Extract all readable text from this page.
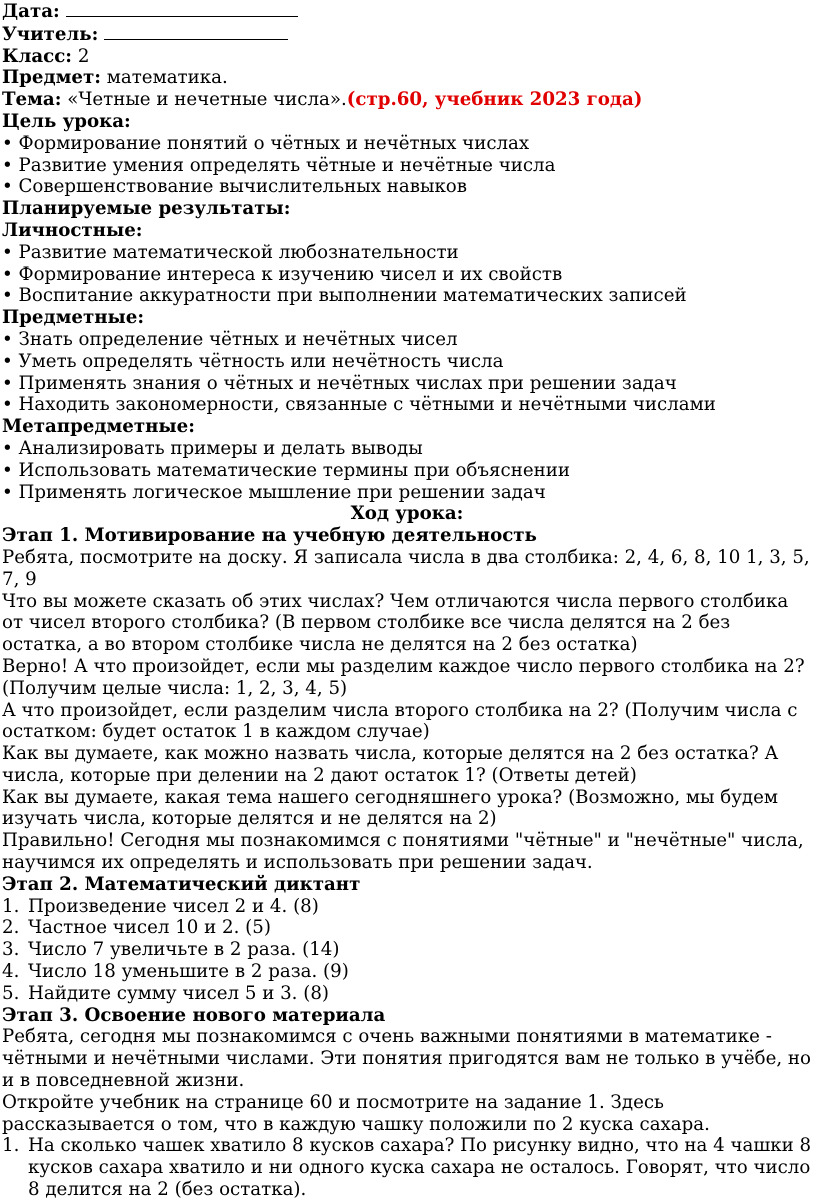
Дата:

Учитель:

Класс: 2

Предмет: математика.

Тема: «Четные и нечетные числа».(стр.60, учебник 2023 года)

Цель урока:

• Формирование понятий о чётных и нечётных числах
• Развитие умения определять чётные и нечётные числа
• Совершенствование вычислительных навыков

Планируемые результаты:

Личностные:

• Развитие математической любознательности
• Формирование интереса к изучению чисел и их свойств
• Воспитание аккуратности при выполнении математических записей

Предметные:

• Знать определение чётных и нечётных чисел
• Уметь определять чётность или нечётность числа
• Применять знания о чётных и нечётных числах при решении задач
• Находить закономерности, связанные с чётными и нечётными числами

Метапредметные:

• Анализировать примеры и делать выводы
• Использовать математические термины при объяснении
• Применять логическое мышление при решении задач

Ход урока:

Этап 1. Мотивирование на учебную деятельность

Ребята, посмотрите на доску. Я записала числа в два столбика: 2, 4, 6, 8, 10 1, 3, 5, 7, 9

Что вы можете сказать об этих числах? Чем отличаются числа первого столбика от чисел второго столбика? (В первом столбике все числа делятся на 2 без остатка, а во втором столбике числа не делятся на 2 без остатка)

Верно! А что произойдет, если мы разделим каждое число первого столбика на 2? (Получим целые числа: 1, 2, 3, 4, 5)

А что произойдет, если разделим числа второго столбика на 2? (Получим числа с остатком: будет остаток 1 в каждом случае)

Как вы думаете, как можно назвать числа, которые делятся на 2 без остатка? А числа, которые при делении на 2 дают остаток 1? (Ответы детей)

Как вы думаете, какая тема нашего сегодняшнего урока? (Возможно, мы будем изучать числа, которые делятся и не делятся на 2)

Правильно! Сегодня мы познакомимся с понятиями "чётные" и "нечётные" числа, научимся их определять и использовать при решении задач.

Этап 2. Математический диктант

1. Произведение чисел 2 и 4. (8)
2. Частное чисел 10 и 2. (5)
3. Число 7 увеличьте в 2 раза. (14)
4. Число 18 уменьшите в 2 раза. (9)
5. Найдите сумму чисел 5 и 3. (8)

Этап 3. Освоение нового материала

Ребята, сегодня мы познакомимся с очень важными понятиями в математике - чётными и нечётными числами. Эти понятия пригодятся вам не только в учёбе, но и в повседневной жизни.

Откройте учебник на странице 60 и посмотрите на задание 1. Здесь рассказывается о том, что в каждую чашку положили по 2 куска сахара.

1. На сколько чашек хватило 8 кусков сахара? По рисунку видно, что на 4 чашки 8 кусков сахара хватило и ни одного куска сахара не осталось. Говорят, что число 8 делится на 2 (без остатка).
